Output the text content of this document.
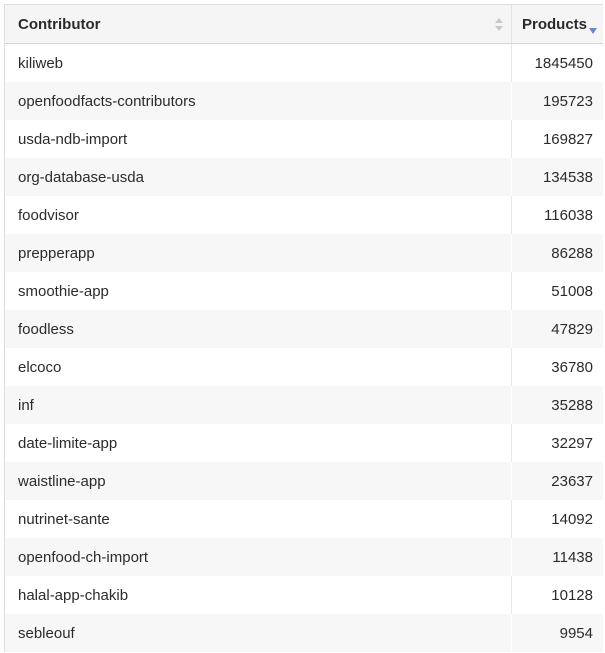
Contributor	Products

kiliweb	1845450
openfoodfacts-contributors	195723
usda-ndb-import	169827
org-database-usda	134538
foodvisor	116038
prepperapp	86288
smoothie-app	51008
foodless	47829
elcoco	36780
inf	35288
date-limite-app	32297
waistline-app	23637
nutrinet-sante	14092
openfood-ch-import	11438
halal-app-chakib	10128
sebleouf	9954
